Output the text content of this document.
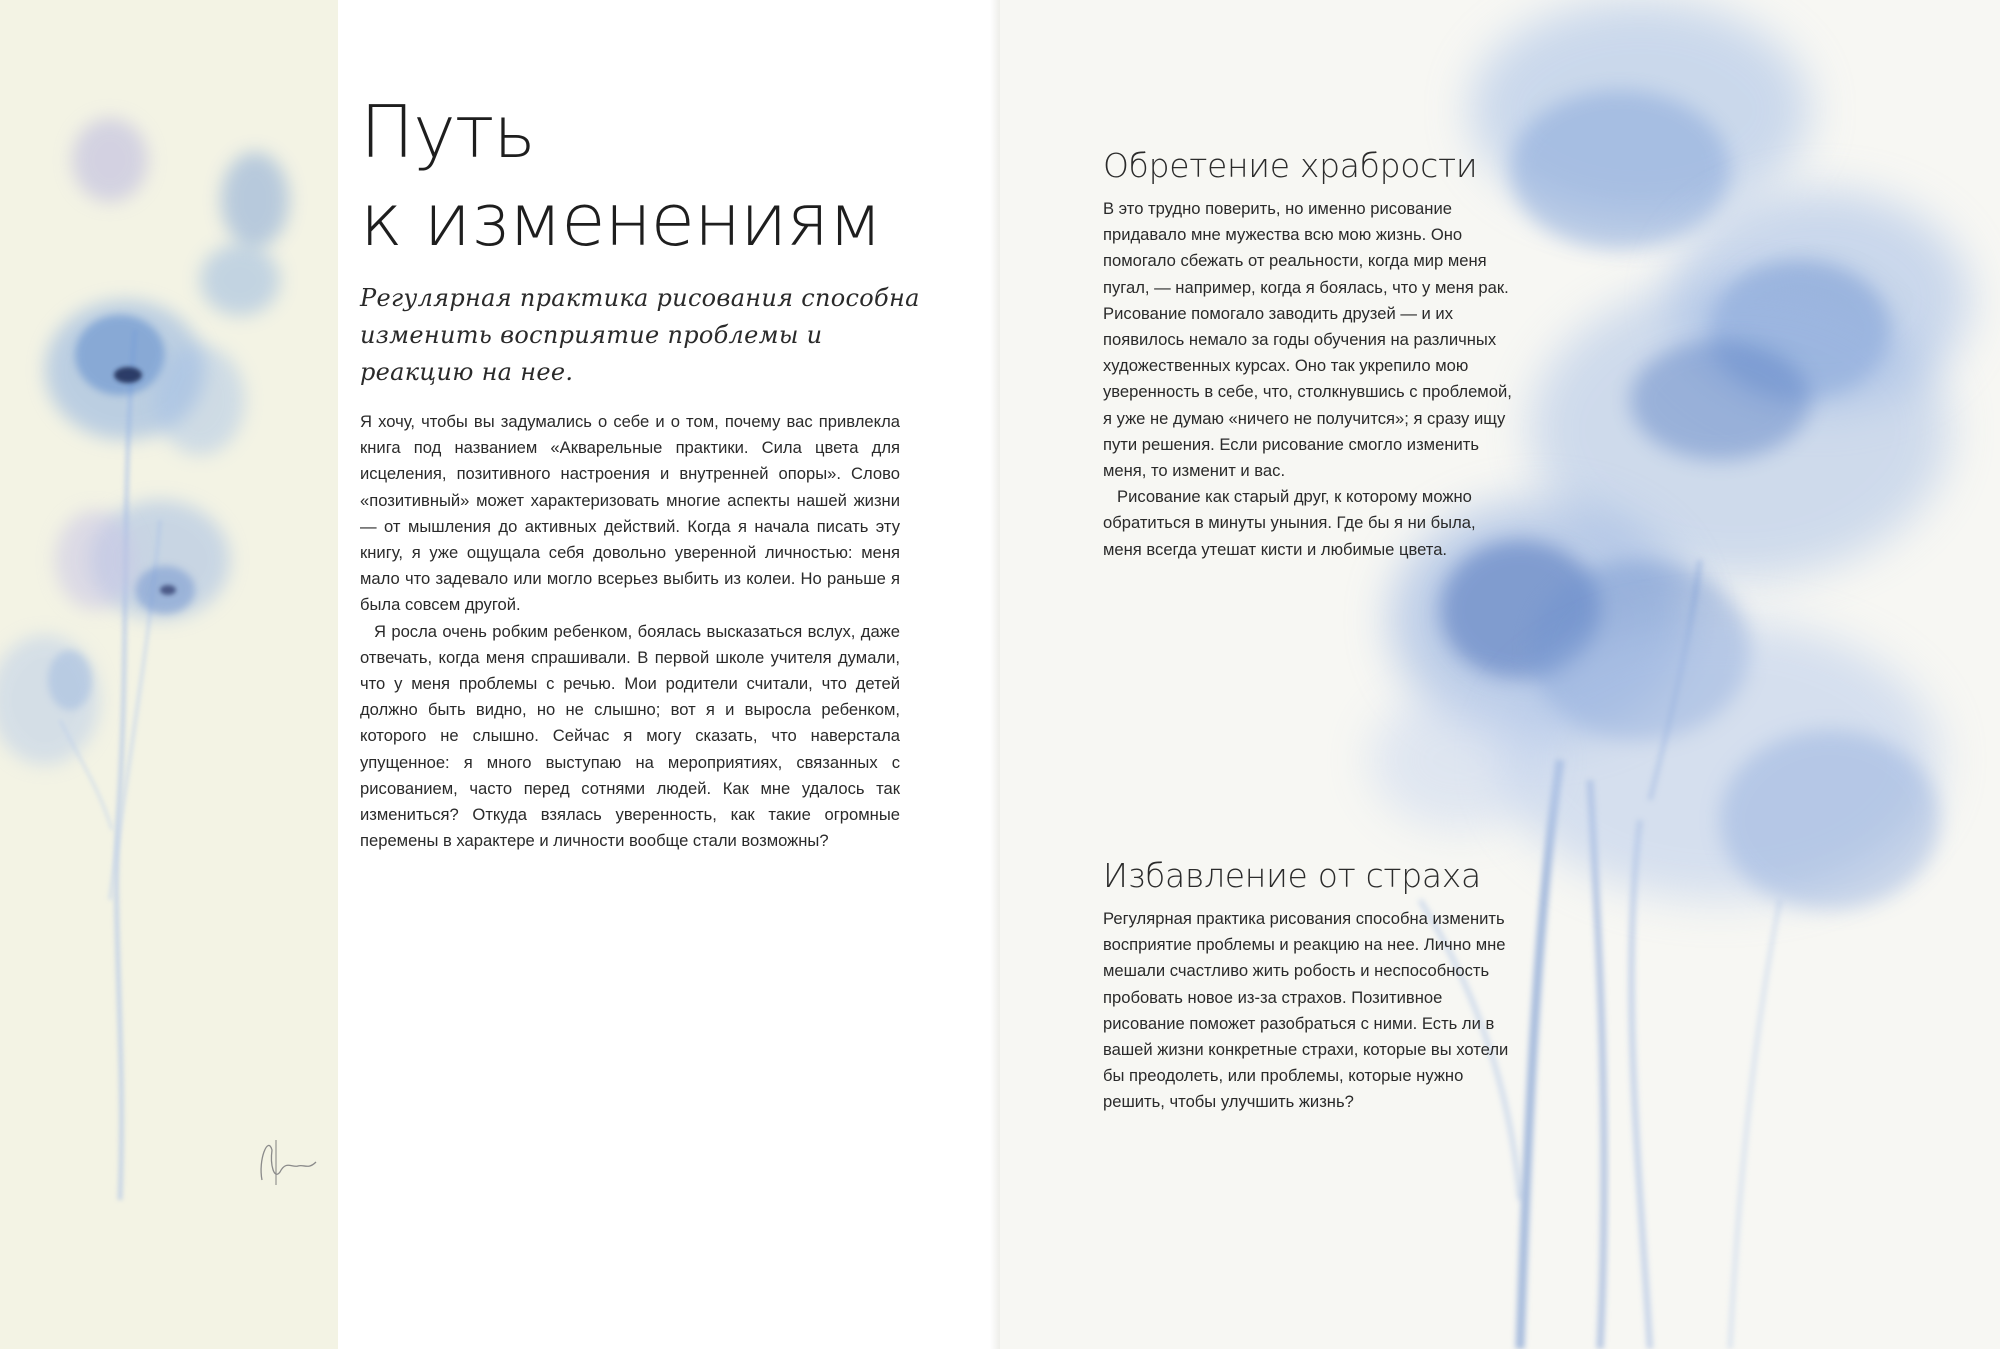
Путь
к изменениям

Регулярная практика рисования способна изменить восприятие проблемы и реакцию на нее.

Я хочу, чтобы вы задумались о себе и о том, почему вас привлекла книга под названием «Акварельные практики. Сила цвета для исцеления, позитивного настроения и внутренней опоры». Слово «позитивный» может характеризовать многие аспекты нашей жизни — от мышления до активных действий. Когда я начала писать эту книгу, я уже ощущала себя довольно уверенной личностью: меня мало что задевало или могло всерьез выбить из колеи. Но раньше я была совсем другой.

Я росла очень робким ребенком, боялась высказаться вслух, даже отвечать, когда меня спрашивали. В первой школе учителя думали, что у меня проблемы с речью. Мои родители считали, что детей должно быть видно, но не слышно; вот я и выросла ребенком, которого не слышно. Сейчас я могу сказать, что наверстала упущенное: я много выступаю на мероприятиях, связанных с рисованием, часто перед сотнями людей. Как мне удалось так измениться? Откуда взялась уверенность, как такие огромные перемены в характере и личности вообще стали возможны?

Обретение храбрости

В это трудно поверить, но именно рисование придавало мне мужества всю мою жизнь. Оно помогало сбежать от реальности, когда мир меня пугал, — например, когда я боялась, что у меня рак. Рисование помогало заводить друзей — и их появилось немало за годы обучения на различных художественных курсах. Оно так укрепило мою уверенность в себе, что, столкнувшись с проблемой, я уже не думаю «ничего не получится»; я сразу ищу пути решения. Если рисование смогло изменить меня, то изменит и вас.

Рисование как старый друг, к которому можно обратиться в минуты уныния. Где бы я ни была, меня всегда утешат кисти и любимые цвета.

Избавление от страха

Регулярная практика рисования способна изменить восприятие проблемы и реакцию на нее. Лично мне мешали счастливо жить робость и неспособность пробовать новое из-за страхов. Позитивное рисование поможет разобраться с ними. Есть ли в вашей жизни конкретные страхи, которые вы хотели бы преодолеть, или проблемы, которые нужно решить, чтобы улучшить жизнь?
